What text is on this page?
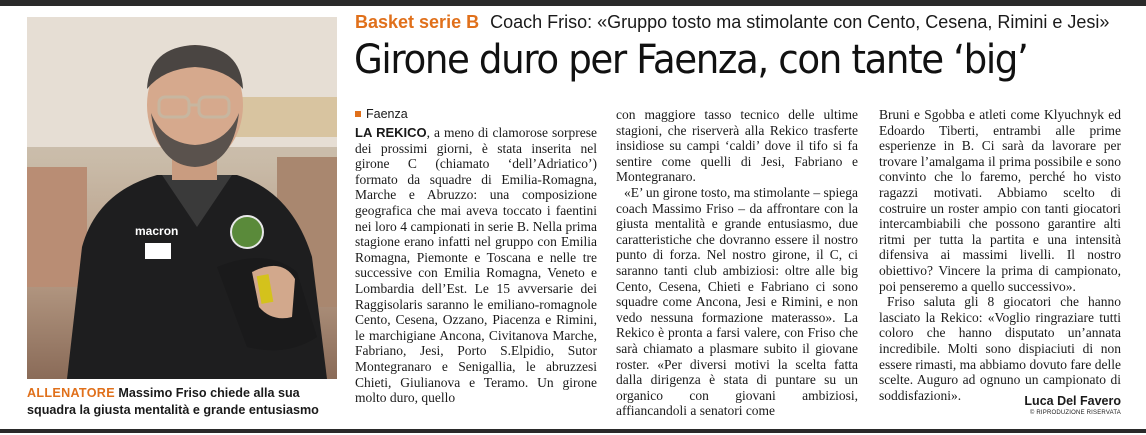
macron
ALLENATORE Massimo Friso chiede alla sua squadra la giusta mentalità e grande entusiasmo
Basket serie B Coach Friso: «Gruppo tosto ma stimolante con Cento, Cesena, Rimini e Jesi»
Girone duro per Faenza, con tante ‘big’
Faenza

LA REKICO, a meno di clamorose sorprese dei prossimi giorni, è stata inserita nel girone C (chiamato ‘dell’Adriatico’) formato da squadre di Emilia-Romagna, Marche e Abruzzo: una composizione geografica che mai aveva toccato i faentini nei loro 4 campionati in serie B. Nella prima stagione erano infatti nel gruppo con Emilia Romagna, Piemonte e Toscana e nelle tre successive con Emilia Romagna, Veneto e Lombardia dell’Est. Le 15 avversarie dei Raggisolaris saranno le emiliano-romagnole Cento, Cesena, Ozzano, Piacenza e Rimini, le marchigiane Ancona, Civitanova Marche, Fabriano, Jesi, Porto S.Elpidio, Sutor Montegranaro e Senigallia, le abruzzesi Chieti, Giulianova e Teramo. Un girone molto duro, quello

con maggiore tasso tecnico delle ultime stagioni, che riserverà alla Rekico trasferte insidiose su campi ‘caldi’ dove il tifo si fa sentire come quelli di Jesi, Fabriano e Montegranaro.

«E’ un girone tosto, ma stimolante – spiega coach Massimo Friso – da affrontare con la giusta mentalità e grande entusiasmo, due caratteristiche che dovranno essere il nostro punto di forza. Nel nostro girone, il C, ci saranno tanti club ambiziosi: oltre alle big Cento, Cesena, Chieti e Fabriano ci sono squadre come Ancona, Jesi e Rimini, e non vedo nessuna formazione materasso». La Rekico è pronta a farsi valere, con Friso che sarà chiamato a plasmare subito il giovane roster. «Per diversi motivi la scelta fatta dalla dirigenza è stata di puntare su un organico con giovani ambiziosi, affiancandoli a senatori come

Bruni e Sgobba e atleti come Klyuchnyk ed Edoardo Tiberti, entrambi alle prime esperienze in B. Ci sarà da lavorare per trovare l’amalgama il prima possibile e sono convinto che lo faremo, perché ho visto ragazzi motivati. Abbiamo scelto di costruire un roster ampio con tanti giocatori intercambiabili che possono garantire alti ritmi per tutta la partita e una intensità difensiva ai massimi livelli. Il nostro obiettivo? Vincere la prima di campionato, poi penseremo a quello successivo».

Friso saluta gli 8 giocatori che hanno lasciato la Rekico: «Voglio ringraziare tutti coloro che hanno disputato un’annata incredibile. Molti sono dispiaciuti di non essere rimasti, ma abbiamo dovuto fare delle scelte. Auguro ad ognuno un campionato di soddisfazioni».	Luca Del Favero
© RIPRODUZIONE RISERVATA
